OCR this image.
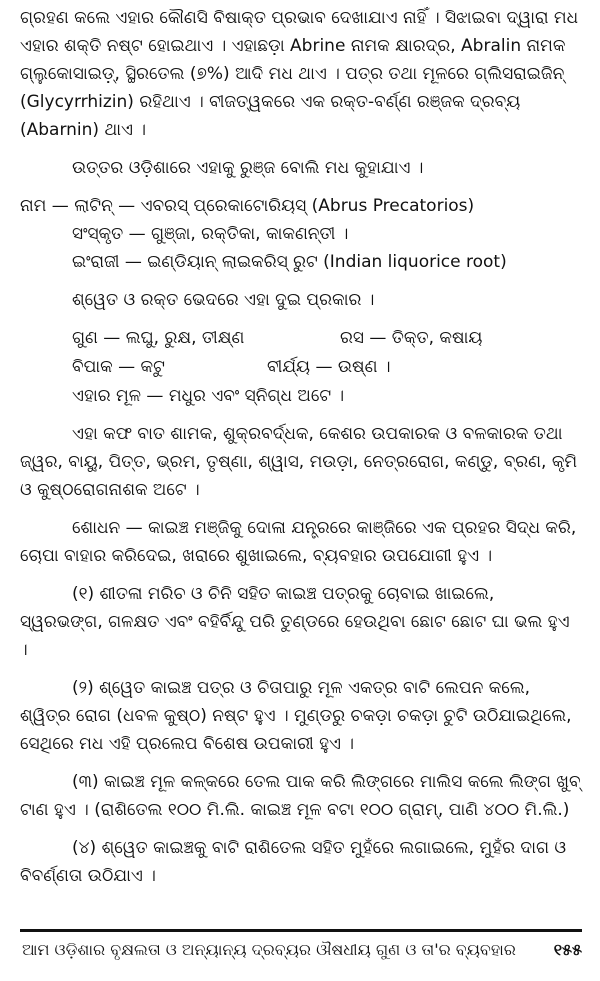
ଗ୍ରହଣ କଲେ ଏହାର କୌଣସି ବିଷାକ୍ତ ପ୍ରଭାବ ଦେଖାଯାଏ ନାହିଁ । ସିଝାଇବା ଦ୍ୱାରା ମଧ ଏହାର ଶକ୍ତି ନଷ୍ଟ ହୋଇଥାଏ । ଏହାଛଡ଼ା Abrine ନାମକ କ୍ଷାରଦ୍ର, Abralin ନାମକ ଗ୍ଲୁକୋସାଇଡ଼୍, ସ୍ଥିରତେଲ (୭%) ଆଦି ମଧ ଥାଏ । ପତ୍ର ତଥା ମୂଳରେ ଗ୍ଲିସରାଇଜିନ୍ (Glycyrrhizin) ରହିଥାଏ । ବୀଜତ୍ୱକରେ ଏକ ରକ୍ତ-ବର୍ଣ୍ଣ ରଞ୍ଜକ ଦ୍ରବ୍ୟ (Abarnin) ଥାଏ ।

ଉତ୍ତର ଓଡ଼ିଶାରେ ଏହାକୁ ରୁଞ୍ଜ ବୋଲି ମଧ କୁହାଯାଏ ।

ନାମ — ଲାଟିନ୍ — ଏବରସ୍ ପ୍ରେକାଟୋରିୟସ୍ (Abrus Precatorios)

ସଂସ୍କୃତ — ଗୁଞ୍ଜା, ରକ୍ତିକା, କାକଣନ୍ତୀ ।

ଇଂରାଜୀ — ଇଣ୍ଡିୟାନ୍ ଲାଇକରିସ୍ ରୁଟ (Indian liquorice root)

ଶ୍ୱେତ ଓ ରକ୍ତ ଭେଦରେ ଏହା ଦୁଇ ପ୍ରକାର ।

ଗୁଣ — ଲଘୁ, ରୁକ୍ଷ, ତୀକ୍ଷ୍ଣ	ରସ — ତିକ୍ତ, କଷାୟ
ବିପାକ — କଟୁ	ବୀର୍ଯ୍ୟ — ଉଷ୍ଣ ।

ଏହାର ମୂଳ — ମଧୁର ଏବଂ ସ୍ନିଗ୍ଧ ଅଟେ ।

ଏହା କଫ ବାତ ଶାମକ, ଶୁକ୍ରବର୍ଦ୍ଧକ, କେଶର ଉପକାରକ ଓ ବଳକାରକ ତଥା ଜ୍ୱର, ବାୟୁ, ପିତ୍ତ, ଭ୍ରମ, ତୃଷ୍ଣା, ଶ୍ୱାସ, ମଉଡ଼ା, ନେତ୍ରରୋଗ, କଣ୍ଡୁ, ବ୍ରଣ, କୃମି ଓ କୁଷ୍ଠରୋଗନାଶକ ଅଟେ ।

ଶୋଧନ — କାଇଞ୍ଚ ମଞ୍ଜିକୁ ଦୋଳା ଯନ୍ତ୍ରରେ କାଞ୍ଜିରେ ଏକ ପ୍ରହର ସିଦ୍ଧ କରି, ଚୋପା ବାହାର କରିଦେଇ, ଖରାରେ ଶୁଖାଇଲେ, ବ୍ୟବହାର ଉପଯୋଗୀ ହୁଏ ।

(୧) ଶୀତଳା ମରିଚ ଓ ଚିନି ସହିତ କାଇଞ୍ଚ ପତ୍ରକୁ ଚୋବାଇ ଖାଇଲେ, ସ୍ୱରଭଙ୍ଗ, ଗଳକ୍ଷତ ଏବଂ ବହିର୍ବିନ୍ଦୁ ପରି ତୁଣ୍ଡରେ ହେଉଥିବା ଛୋଟ ଛୋଟ ଘା ଭଲ ହୁଏ ।

(୨) ଶ୍ୱେତ କାଇଞ୍ଚ ପତ୍ର ଓ ଚିତାପାରୁ ମୂଳ ଏକତ୍ର ବାଟି ଲେପନ କଲେ, ଶ୍ୱିତ୍ର ରୋଗ (ଧବଳ କୁଷ୍ଠ) ନଷ୍ଟ ହୁଏ । ମୁଣ୍ଡରୁ ଚକଡ଼ା ଚକଡ଼ା ଚୁଟି ଉଠିଯାଇଥିଲେ, ସେଥିରେ ମଧ ଏହି ପ୍ରଲେପ ବିଶେଷ ଉପକାରୀ ହୁଏ ।

(୩) କାଇଞ୍ଚ ମୂଳ କଳ୍କରେ ତେଲ ପାକ କରି ଲିଙ୍ଗରେ ମାଲିସ କଲେ ଲିଙ୍ଗ ଖୁବ୍ ଟାଣ ହୁଏ । (ରାଶିତେଲ ୧୦୦ ମି.ଲି. କାଇଞ୍ଚ ମୂଳ ବଟା ୧୦୦ ଗ୍ରାମ୍, ପାଣି ୪୦୦ ମି.ଲି.)

(୪) ଶ୍ୱେତ କାଇଞ୍ଚକୁ ବାଟି ରାଶିତେଲ ସହିତ ମୁହଁରେ ଲଗାଇଲେ, ମୁହଁର ଦାଗ ଓ ବିବର୍ଣ୍ଣତା ଉଠିଯାଏ ।

ଆମ ଓଡ଼ିଶାର ବୃକ୍ଷଲତା ଓ ଅନ୍ୟାନ୍ୟ ଦ୍ରବ୍ୟର ଔଷଧୀୟ ଗୁଣ ଓ ତା'ର ବ୍ୟବହାର ୧୫୫
